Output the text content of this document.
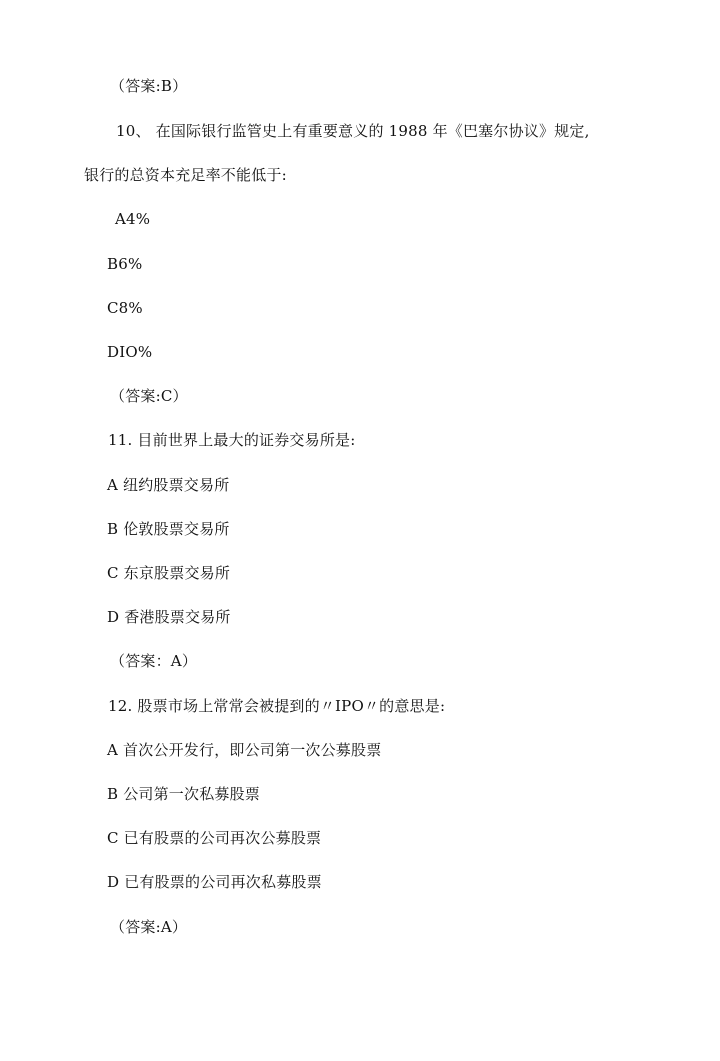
（答案:B）
10、 在国际银行监管史上有重要意义的 1988 年《巴塞尔协议》规定,
银行的总资本充足率不能低于:
A4%
B6%
C8%
DIO%
（答案:C）
11. 目前世界上最大的证券交易所是:
A 纽约股票交易所
B 伦敦股票交易所
C 东京股票交易所
D 香港股票交易所
（答案：A）
12. 股票市场上常常会被提到的〃IPO〃的意思是:
A 首次公开发行，即公司第一次公募股票
B 公司第一次私募股票
C 已有股票的公司再次公募股票
D 已有股票的公司再次私募股票
（答案:A）
